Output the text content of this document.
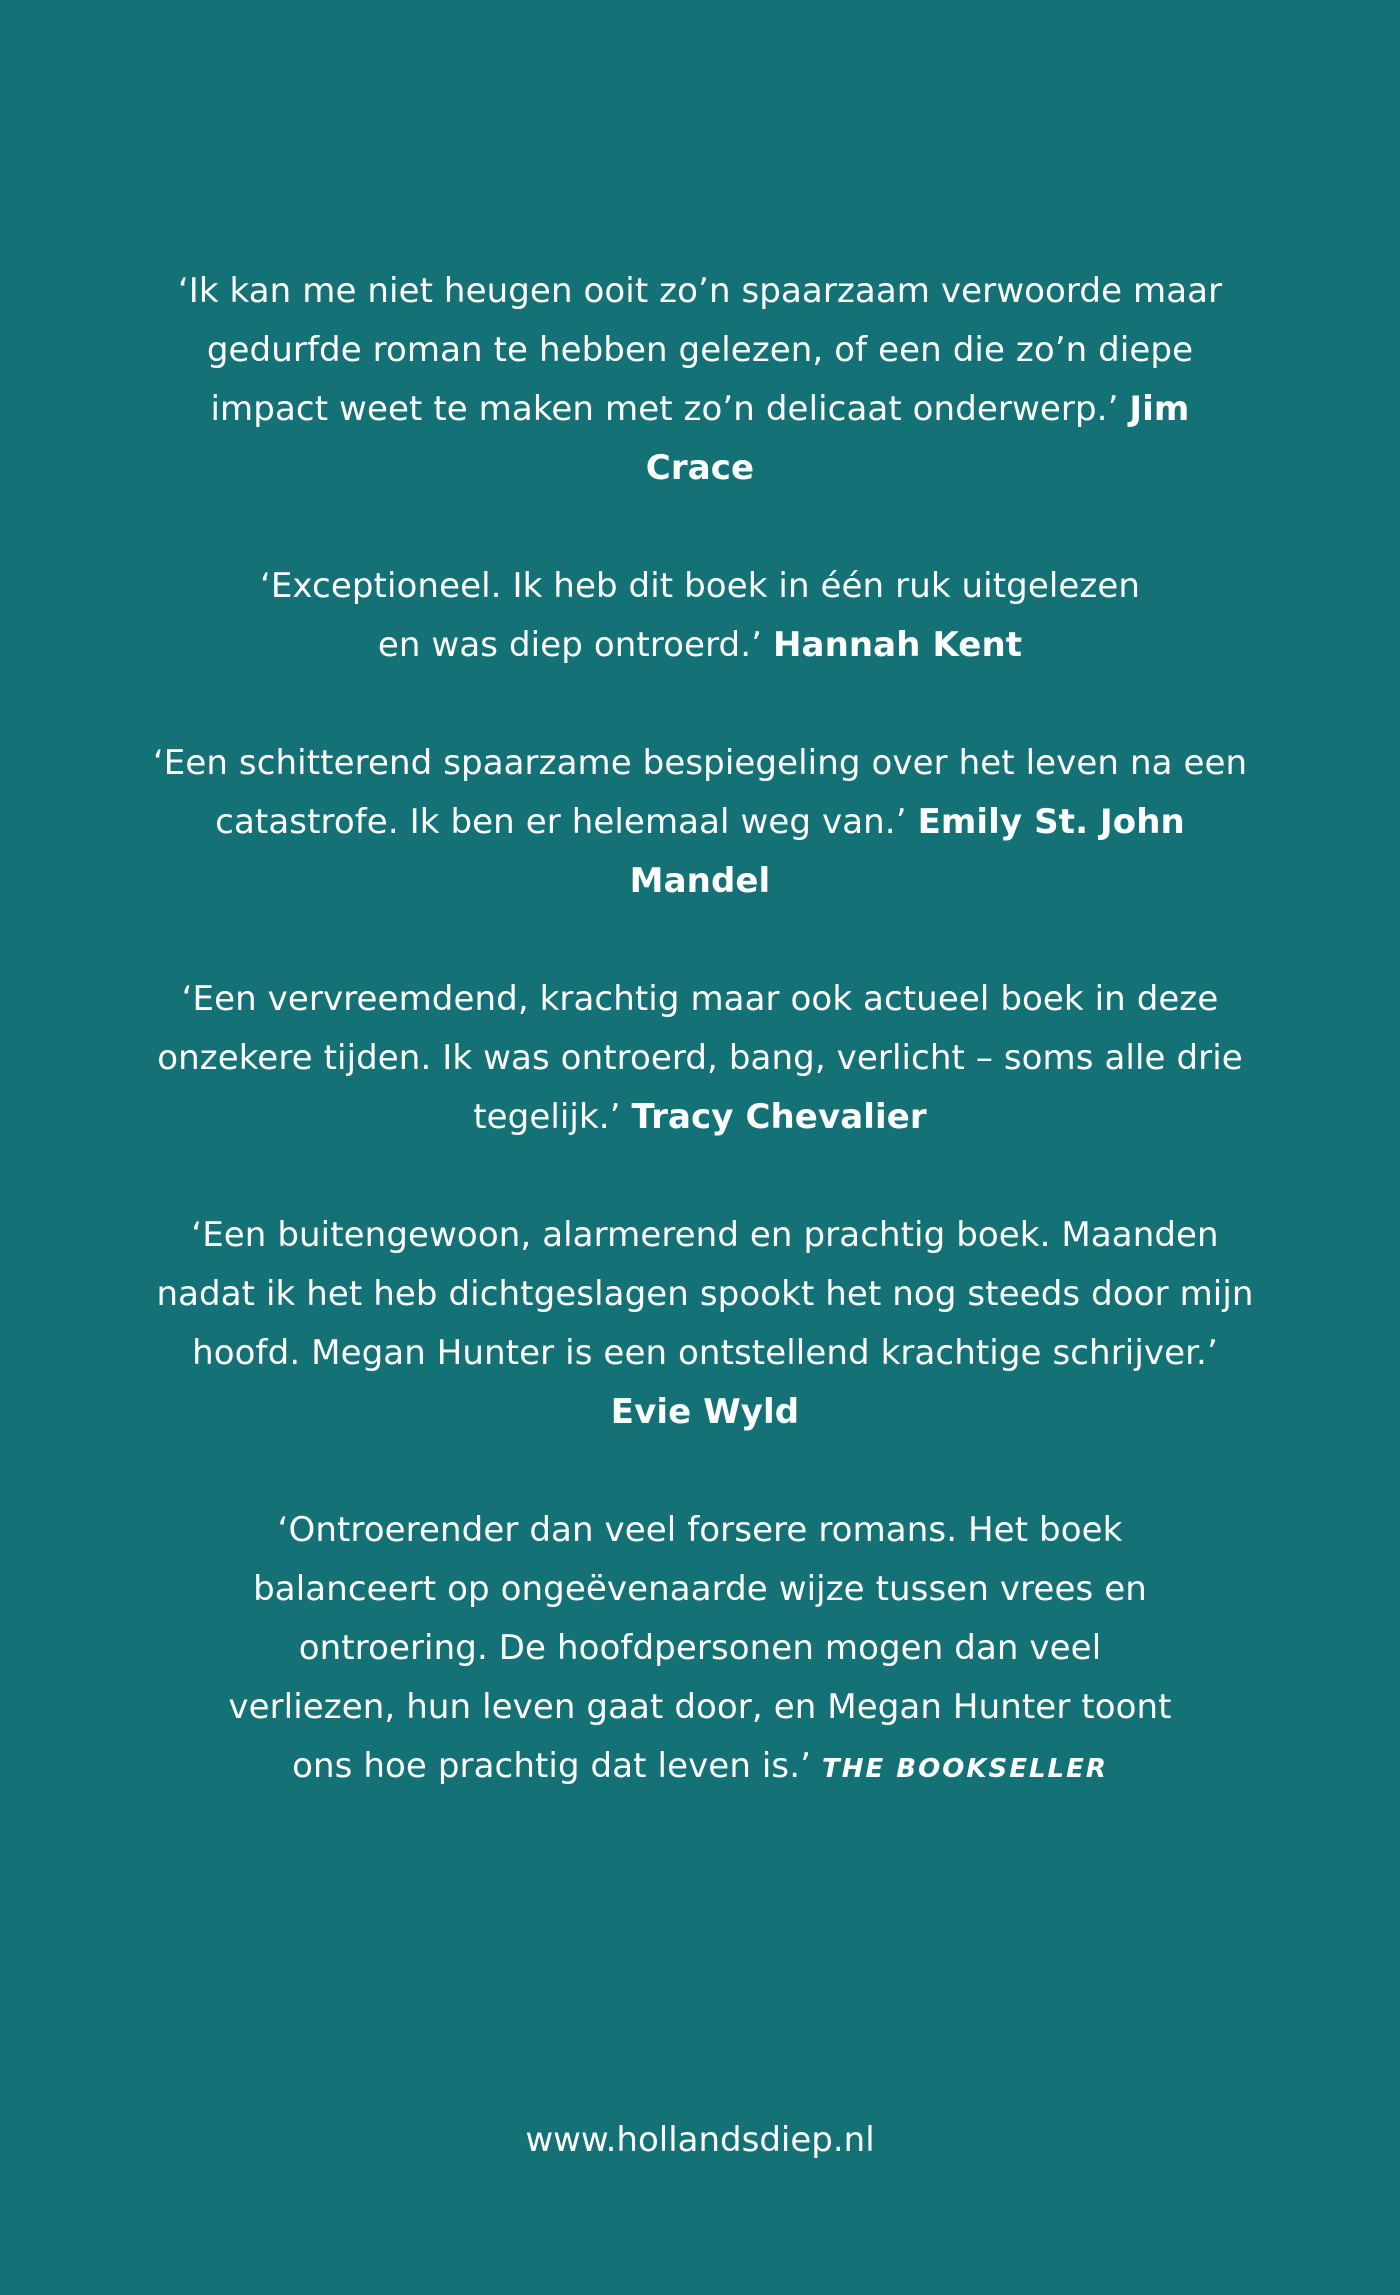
‘Ik kan me niet heugen ooit zo’n spaarzaam verwoorde maar gedurfde roman te hebben gelezen, of een die zo’n diepe impact weet te maken met zo’n delicaat onderwerp.’ Jim Crace

‘Exceptioneel. Ik heb dit boek in één ruk uitgelezen en was diep ontroerd.’ Hannah Kent

‘Een schitterend spaarzame bespiegeling over het leven na een catastrofe. Ik ben er helemaal weg van.’ Emily St. John Mandel

‘Een vervreemdend, krachtig maar ook actueel boek in deze onzekere tijden. Ik was ontroerd, bang, verlicht – soms alle drie tegelijk.’ Tracy Chevalier

‘Een buitengewoon, alarmerend en prachtig boek. Maanden nadat ik het heb dichtgeslagen spookt het nog steeds door mijn hoofd. Megan Hunter is een ontstellend krachtige schrijver.’ Evie Wyld

‘Ontroerender dan veel forsere romans. Het boek balanceert op ongeëvenaarde wijze tussen vrees en ontroering. De hoofdpersonen mogen dan veel verliezen, hun leven gaat door, en Megan Hunter toont ons hoe prachtig dat leven is.’ THE BOOKSELLER

www.hollandsdiep.nl
